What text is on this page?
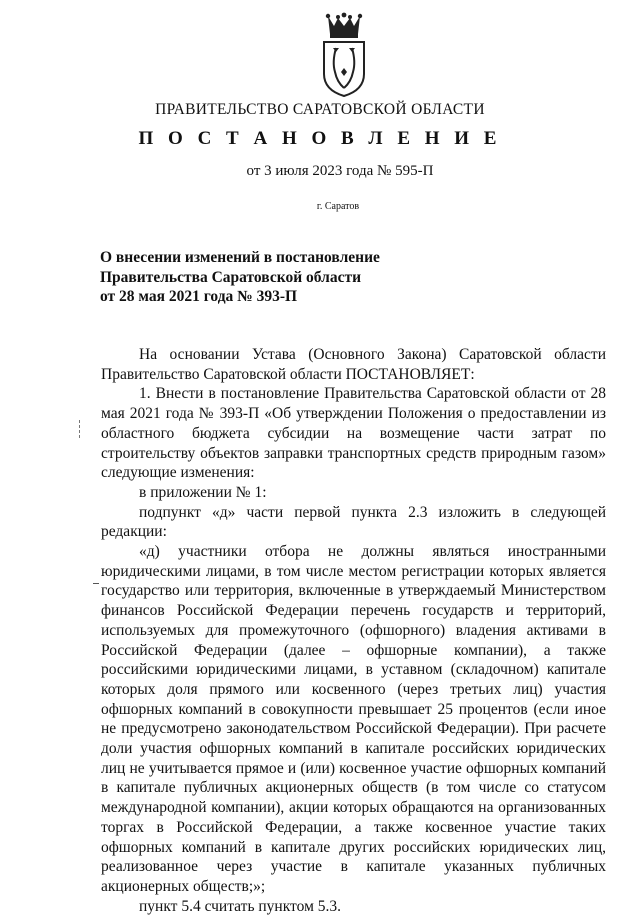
ПРАВИТЕЛЬСТВО САРАТОВСКОЙ ОБЛАСТИ
П О С Т А Н О В Л Е Н И Е
от 3 июля 2023 года № 595-П
г. Саратов
О внесении изменений в постановление
Правительства Саратовской области
от 28 мая 2021 года № 393-П

На основании Устава (Основного Закона) Саратовской области Правительство Саратовской области ПОСТАНОВЛЯЕТ:

1. Внести в постановление Правительства Саратовской области от 28 мая 2021 года № 393-П «Об утверждении Положения о предоставлении из областного бюджета субсидии на возмещение части затрат по строительству объектов заправки транспортных средств природным газом» следующие изменения:

в приложении № 1:

подпункт «д» части первой пункта 2.3 изложить в следующей редакции:

«д) участники отбора не должны являться иностранными юридическими лицами, в том числе местом регистрации которых является государство или территория, включенные в утверждаемый Министерством финансов Российской Федерации перечень государств и территорий, используемых для промежуточного (офшорного) владения активами в Российской Федерации (далее – офшорные компании), а также российскими юридическими лицами, в уставном (складочном) капитале которых доля прямого или косвенного (через третьих лиц) участия офшорных компаний в совокупности превышает 25 процентов (если иное не предусмотрено законодательством Российской Федерации). При расчете доли участия офшорных компаний в капитале российских юридических лиц не учитывается прямое и (или) косвенное участие офшорных компаний в капитале публичных акционерных обществ (в том числе со статусом международной компании), акции которых обращаются на организованных торгах в Российской Федерации, а также косвенное участие таких офшорных компаний в капитале других российских юридических лиц, реализованное через участие в капитале указанных публичных акционерных обществ;»;

пункт 5.4 считать пунктом 5.3.
